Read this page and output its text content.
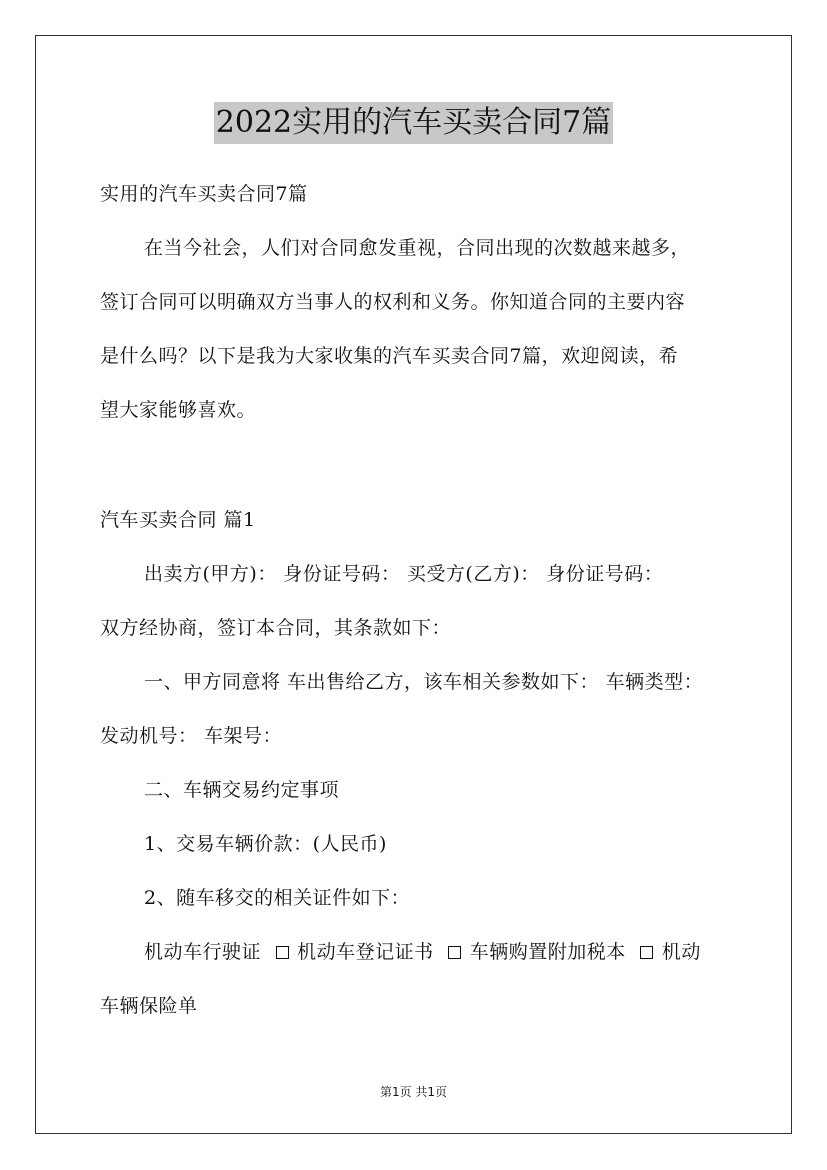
2022实用的汽车买卖合同7篇
实用的汽车买卖合同7篇
在当今社会，人们对合同愈发重视，合同出现的次数越来越多，
签订合同可以明确双方当事人的权利和义务。你知道合同的主要内容
是什么吗？以下是我为大家收集的汽车买卖合同7篇，欢迎阅读，希
望大家能够喜欢。
汽车买卖合同 篇1
出卖方(甲方)： 身份证号码： 买受方(乙方)： 身份证号码：
双方经协商，签订本合同，其条款如下：
一、甲方同意将 车出售给乙方，该车相关参数如下： 车辆类型：
发动机号： 车架号：
二、车辆交易约定事项
1、交易车辆价款：(人民币)
2、随车移交的相关证件如下：
机动车行驶证 机动车登记证书 车辆购置附加税本 机动
车辆保险单
第1页 共1页
